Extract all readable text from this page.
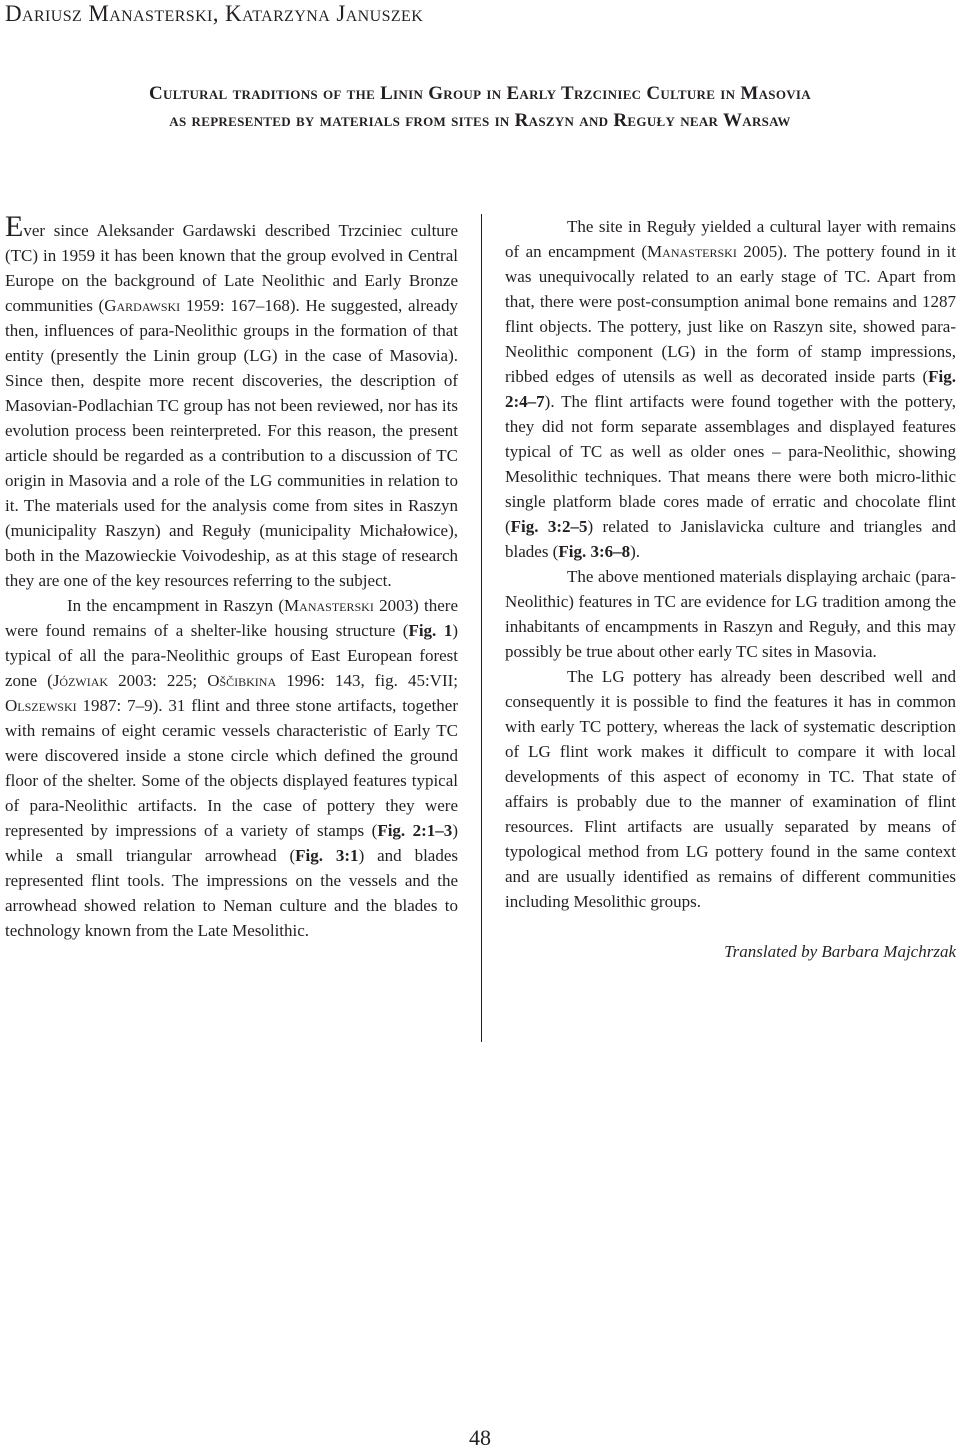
Dariusz Manasterski, Katarzyna Januszek
Cultural traditions of the Linin Group in Early Trzciniec Culture in Masovia
as represented by materials from sites in Raszyn and Reguły near Warsaw

Ever since Aleksander Gardawski described Trzciniec culture (TC) in 1959 it has been known that the group evolved in Central Europe on the background of Late Neolithic and Early Bronze communities (Gardawski 1959: 167–168). He suggested, already then, influences of para-Neolithic groups in the formation of that entity (presently the Linin group (LG) in the case of Masovia). Since then, despite more recent discoveries, the description of Masovian-Podlachian TC group has not been reviewed, nor has its evolution process been reinterpreted. For this reason, the present article should be regarded as a contribution to a discussion of TC origin in Masovia and a role of the LG communities in relation to it. The materials used for the analysis come from sites in Raszyn (municipality Raszyn) and Reguły (municipality Michałowice), both in the Mazowieckie Voivodeship, as at this stage of research they are one of the key resources referring to the subject.

In the encampment in Raszyn (Manasterski 2003) there were found remains of a shelter-like housing structure (Fig. 1) typical of all the para-Neolithic groups of East European forest zone (Józwiak 2003: 225; Oščibkina 1996: 143, fig. 45:VII; Olszewski 1987: 7–9). 31 flint and three stone artifacts, together with remains of eight ceramic vessels characteristic of Early TC were discovered inside a stone circle which defined the ground floor of the shelter. Some of the objects displayed features typical of para-Neolithic artifacts. In the case of pottery they were represented by impressions of a variety of stamps (Fig. 2:1–3) while a small triangular arrowhead (Fig. 3:1) and blades represented flint tools. The impressions on the vessels and the arrowhead showed relation to Neman culture and the blades to technology known from the Late Mesolithic.

The site in Reguły yielded a cultural layer with remains of an encampment (Manasterski 2005). The pottery found in it was unequivocally related to an early stage of TC. Apart from that, there were post-consumption animal bone remains and 1287 flint objects. The pottery, just like on Raszyn site, showed para-Neolithic component (LG) in the form of stamp impressions, ribbed edges of utensils as well as decorated inside parts (Fig. 2:4–7). The flint artifacts were found together with the pottery, they did not form separate assemblages and displayed features typical of TC as well as older ones – para-Neolithic, showing Mesolithic techniques. That means there were both micro-lithic single platform blade cores made of erratic and chocolate flint (Fig. 3:2–5) related to Janislavicka culture and triangles and blades (Fig. 3:6–8).

The above mentioned materials displaying archaic (para-Neolithic) features in TC are evidence for LG tradition among the inhabitants of encampments in Raszyn and Reguły, and this may possibly be true about other early TC sites in Masovia.

The LG pottery has already been described well and consequently it is possible to find the features it has in common with early TC pottery, whereas the lack of systematic description of LG flint work makes it difficult to compare it with local developments of this aspect of economy in TC. That state of affairs is probably due to the manner of examination of flint resources. Flint artifacts are usually separated by means of typological method from LG pottery found in the same context and are usually identified as remains of different communities including Mesolithic groups.

Translated by Barbara Majchrzak

48
